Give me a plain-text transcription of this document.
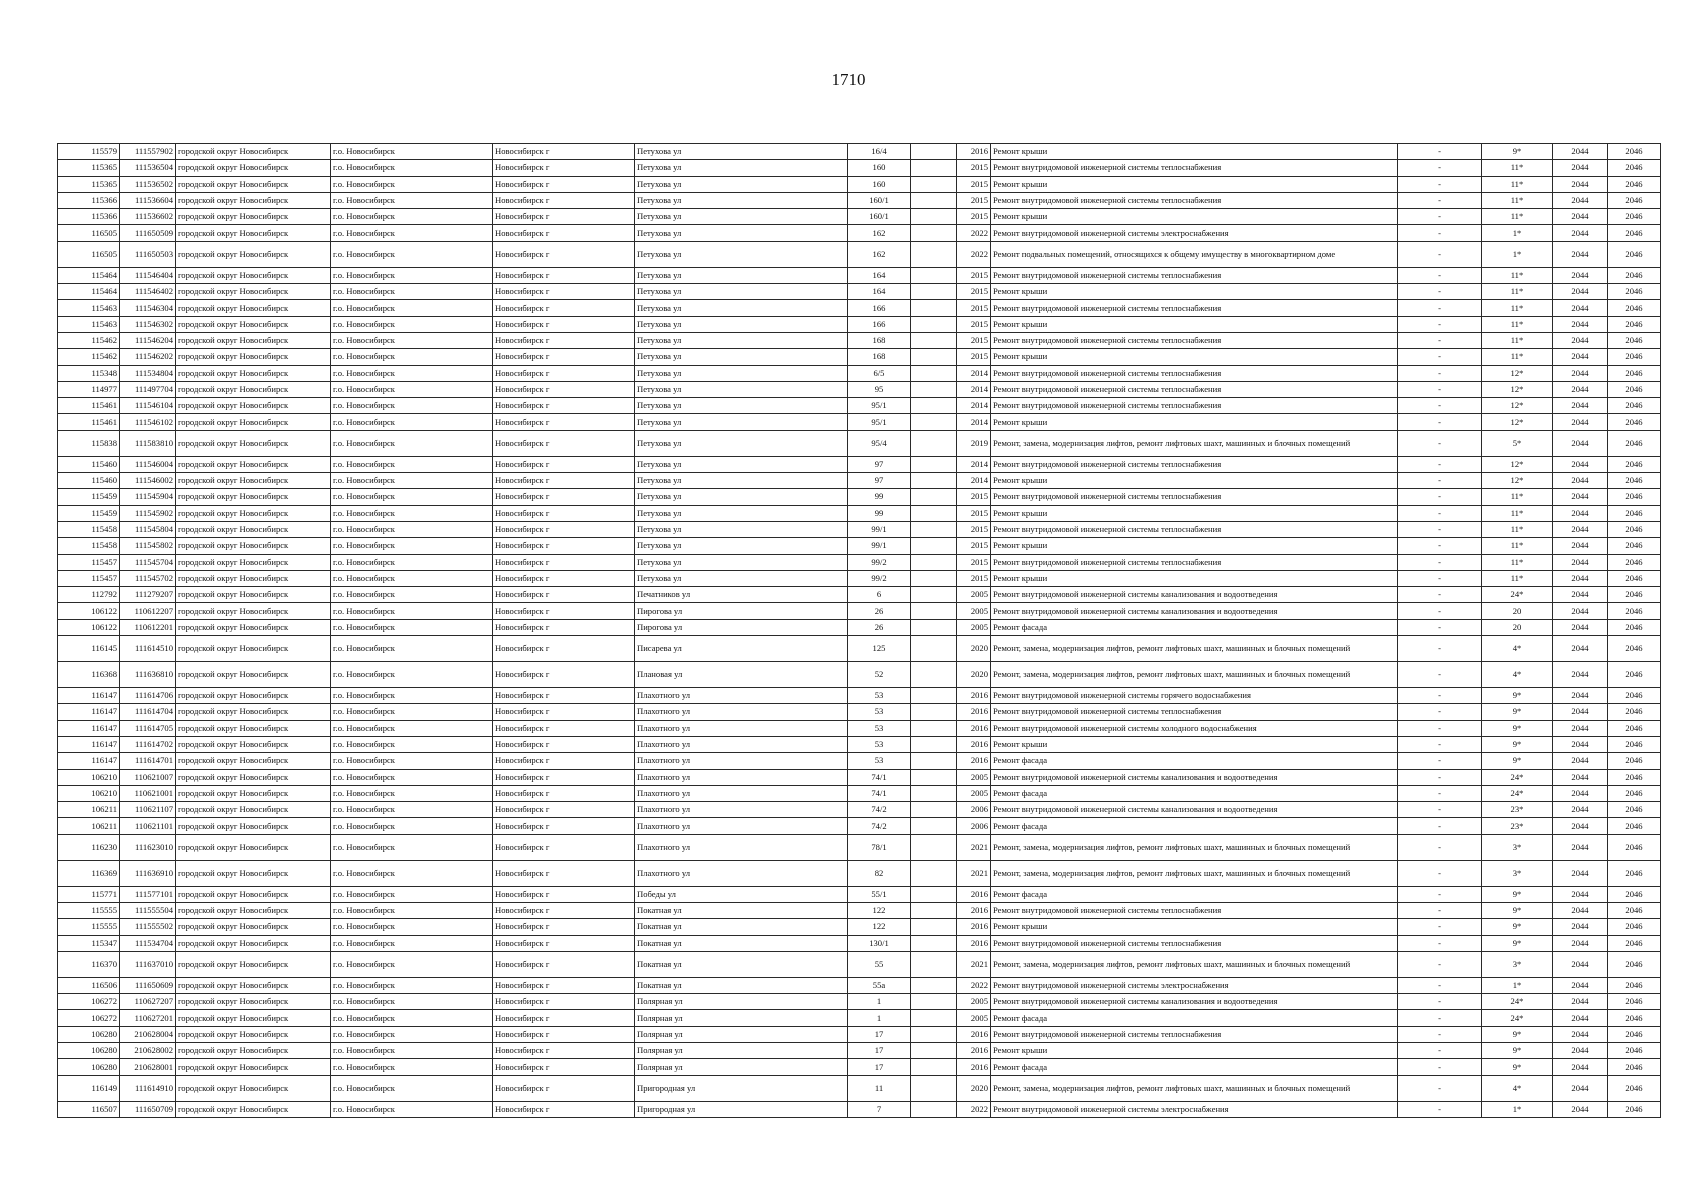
1710
115579	111557902	городской округ Новосибирск	г.о. Новосибирск	Новосибирск г	Петухова ул	16/4		2016	Ремонт крыши	-	9*	2044	2046
115365	111536504	городской округ Новосибирск	г.о. Новосибирск	Новосибирск г	Петухова ул	160		2015	Ремонт внутридомовой инженерной системы теплоснабжения	-	11*	2044	2046
115365	111536502	городской округ Новосибирск	г.о. Новосибирск	Новосибирск г	Петухова ул	160		2015	Ремонт крыши	-	11*	2044	2046
115366	111536604	городской округ Новосибирск	г.о. Новосибирск	Новосибирск г	Петухова ул	160/1		2015	Ремонт внутридомовой инженерной системы теплоснабжения	-	11*	2044	2046
115366	111536602	городской округ Новосибирск	г.о. Новосибирск	Новосибирск г	Петухова ул	160/1		2015	Ремонт крыши	-	11*	2044	2046
116505	111650509	городской округ Новосибирск	г.о. Новосибирск	Новосибирск г	Петухова ул	162		2022	Ремонт внутридомовой инженерной системы электроснабжения	-	1*	2044	2046
116505	111650503	городской округ Новосибирск	г.о. Новосибирск	Новосибирск г	Петухова ул	162		2022	Ремонт подвальных помещений, относящихся к общему имуществу в многоквартирном доме	-	1*	2044	2046
115464	111546404	городской округ Новосибирск	г.о. Новосибирск	Новосибирск г	Петухова ул	164		2015	Ремонт внутридомовой инженерной системы теплоснабжения	-	11*	2044	2046
115464	111546402	городской округ Новосибирск	г.о. Новосибирск	Новосибирск г	Петухова ул	164		2015	Ремонт крыши	-	11*	2044	2046
115463	111546304	городской округ Новосибирск	г.о. Новосибирск	Новосибирск г	Петухова ул	166		2015	Ремонт внутридомовой инженерной системы теплоснабжения	-	11*	2044	2046
115463	111546302	городской округ Новосибирск	г.о. Новосибирск	Новосибирск г	Петухова ул	166		2015	Ремонт крыши	-	11*	2044	2046
115462	111546204	городской округ Новосибирск	г.о. Новосибирск	Новосибирск г	Петухова ул	168		2015	Ремонт внутридомовой инженерной системы теплоснабжения	-	11*	2044	2046
115462	111546202	городской округ Новосибирск	г.о. Новосибирск	Новосибирск г	Петухова ул	168		2015	Ремонт крыши	-	11*	2044	2046
115348	111534804	городской округ Новосибирск	г.о. Новосибирск	Новосибирск г	Петухова ул	6/5		2014	Ремонт внутридомовой инженерной системы теплоснабжения	-	12*	2044	2046
114977	111497704	городской округ Новосибирск	г.о. Новосибирск	Новосибирск г	Петухова ул	95		2014	Ремонт внутридомовой инженерной системы теплоснабжения	-	12*	2044	2046
115461	111546104	городской округ Новосибирск	г.о. Новосибирск	Новосибирск г	Петухова ул	95/1		2014	Ремонт внутридомовой инженерной системы теплоснабжения	-	12*	2044	2046
115461	111546102	городской округ Новосибирск	г.о. Новосибирск	Новосибирск г	Петухова ул	95/1		2014	Ремонт крыши	-	12*	2044	2046
115838	111583810	городской округ Новосибирск	г.о. Новосибирск	Новосибирск г	Петухова ул	95/4		2019	Ремонт, замена, модернизация лифтов, ремонт лифтовых шахт, машинных и блочных помещений	-	5*	2044	2046
115460	111546004	городской округ Новосибирск	г.о. Новосибирск	Новосибирск г	Петухова ул	97		2014	Ремонт внутридомовой инженерной системы теплоснабжения	-	12*	2044	2046
115460	111546002	городской округ Новосибирск	г.о. Новосибирск	Новосибирск г	Петухова ул	97		2014	Ремонт крыши	-	12*	2044	2046
115459	111545904	городской округ Новосибирск	г.о. Новосибирск	Новосибирск г	Петухова ул	99		2015	Ремонт внутридомовой инженерной системы теплоснабжения	-	11*	2044	2046
115459	111545902	городской округ Новосибирск	г.о. Новосибирск	Новосибирск г	Петухова ул	99		2015	Ремонт крыши	-	11*	2044	2046
115458	111545804	городской округ Новосибирск	г.о. Новосибирск	Новосибирск г	Петухова ул	99/1		2015	Ремонт внутридомовой инженерной системы теплоснабжения	-	11*	2044	2046
115458	111545802	городской округ Новосибирск	г.о. Новосибирск	Новосибирск г	Петухова ул	99/1		2015	Ремонт крыши	-	11*	2044	2046
115457	111545704	городской округ Новосибирск	г.о. Новосибирск	Новосибирск г	Петухова ул	99/2		2015	Ремонт внутридомовой инженерной системы теплоснабжения	-	11*	2044	2046
115457	111545702	городской округ Новосибирск	г.о. Новосибирск	Новосибирск г	Петухова ул	99/2		2015	Ремонт крыши	-	11*	2044	2046
112792	111279207	городской округ Новосибирск	г.о. Новосибирск	Новосибирск г	Печатников ул	6		2005	Ремонт внутридомовой инженерной системы канализования и водоотведения	-	24*	2044	2046
106122	110612207	городской округ Новосибирск	г.о. Новосибирск	Новосибирск г	Пирогова ул	26		2005	Ремонт внутридомовой инженерной системы канализования и водоотведения	-	20	2044	2046
106122	110612201	городской округ Новосибирск	г.о. Новосибирск	Новосибирск г	Пирогова ул	26		2005	Ремонт фасада	-	20	2044	2046
116145	111614510	городской округ Новосибирск	г.о. Новосибирск	Новосибирск г	Писарева ул	125		2020	Ремонт, замена, модернизация лифтов, ремонт лифтовых шахт, машинных и блочных помещений	-	4*	2044	2046
116368	111636810	городской округ Новосибирск	г.о. Новосибирск	Новосибирск г	Плановая ул	52		2020	Ремонт, замена, модернизация лифтов, ремонт лифтовых шахт, машинных и блочных помещений	-	4*	2044	2046
116147	111614706	городской округ Новосибирск	г.о. Новосибирск	Новосибирск г	Плахотного ул	53		2016	Ремонт внутридомовой инженерной системы горячего водоснабжения	-	9*	2044	2046
116147	111614704	городской округ Новосибирск	г.о. Новосибирск	Новосибирск г	Плахотного ул	53		2016	Ремонт внутридомовой инженерной системы теплоснабжения	-	9*	2044	2046
116147	111614705	городской округ Новосибирск	г.о. Новосибирск	Новосибирск г	Плахотного ул	53		2016	Ремонт внутридомовой инженерной системы холодного водоснабжения	-	9*	2044	2046
116147	111614702	городской округ Новосибирск	г.о. Новосибирск	Новосибирск г	Плахотного ул	53		2016	Ремонт крыши	-	9*	2044	2046
116147	111614701	городской округ Новосибирск	г.о. Новосибирск	Новосибирск г	Плахотного ул	53		2016	Ремонт фасада	-	9*	2044	2046
106210	110621007	городской округ Новосибирск	г.о. Новосибирск	Новосибирск г	Плахотного ул	74/1		2005	Ремонт внутридомовой инженерной системы канализования и водоотведения	-	24*	2044	2046
106210	110621001	городской округ Новосибирск	г.о. Новосибирск	Новосибирск г	Плахотного ул	74/1		2005	Ремонт фасада	-	24*	2044	2046
106211	110621107	городской округ Новосибирск	г.о. Новосибирск	Новосибирск г	Плахотного ул	74/2		2006	Ремонт внутридомовой инженерной системы канализования и водоотведения	-	23*	2044	2046
106211	110621101	городской округ Новосибирск	г.о. Новосибирск	Новосибирск г	Плахотного ул	74/2		2006	Ремонт фасада	-	23*	2044	2046
116230	111623010	городской округ Новосибирск	г.о. Новосибирск	Новосибирск г	Плахотного ул	78/1		2021	Ремонт, замена, модернизация лифтов, ремонт лифтовых шахт, машинных и блочных помещений	-	3*	2044	2046
116369	111636910	городской округ Новосибирск	г.о. Новосибирск	Новосибирск г	Плахотного ул	82		2021	Ремонт, замена, модернизация лифтов, ремонт лифтовых шахт, машинных и блочных помещений	-	3*	2044	2046
115771	111577101	городской округ Новосибирск	г.о. Новосибирск	Новосибирск г	Победы ул	55/1		2016	Ремонт фасада	-	9*	2044	2046
115555	111555504	городской округ Новосибирск	г.о. Новосибирск	Новосибирск г	Покатная ул	122		2016	Ремонт внутридомовой инженерной системы теплоснабжения	-	9*	2044	2046
115555	111555502	городской округ Новосибирск	г.о. Новосибирск	Новосибирск г	Покатная ул	122		2016	Ремонт крыши	-	9*	2044	2046
115347	111534704	городской округ Новосибирск	г.о. Новосибирск	Новосибирск г	Покатная ул	130/1		2016	Ремонт внутридомовой инженерной системы теплоснабжения	-	9*	2044	2046
116370	111637010	городской округ Новосибирск	г.о. Новосибирск	Новосибирск г	Покатная ул	55		2021	Ремонт, замена, модернизация лифтов, ремонт лифтовых шахт, машинных и блочных помещений	-	3*	2044	2046
116506	111650609	городской округ Новосибирск	г.о. Новосибирск	Новосибирск г	Покатная ул	55а		2022	Ремонт внутридомовой инженерной системы электроснабжения	-	1*	2044	2046
106272	110627207	городской округ Новосибирск	г.о. Новосибирск	Новосибирск г	Полярная ул	1		2005	Ремонт внутридомовой инженерной системы канализования и водоотведения	-	24*	2044	2046
106272	110627201	городской округ Новосибирск	г.о. Новосибирск	Новосибирск г	Полярная ул	1		2005	Ремонт фасада	-	24*	2044	2046
106280	210628004	городской округ Новосибирск	г.о. Новосибирск	Новосибирск г	Полярная ул	17		2016	Ремонт внутридомовой инженерной системы теплоснабжения	-	9*	2044	2046
106280	210628002	городской округ Новосибирск	г.о. Новосибирск	Новосибирск г	Полярная ул	17		2016	Ремонт крыши	-	9*	2044	2046
106280	210628001	городской округ Новосибирск	г.о. Новосибирск	Новосибирск г	Полярная ул	17		2016	Ремонт фасада	-	9*	2044	2046
116149	111614910	городской округ Новосибирск	г.о. Новосибирск	Новосибирск г	Пригородная ул	11		2020	Ремонт, замена, модернизация лифтов, ремонт лифтовых шахт, машинных и блочных помещений	-	4*	2044	2046
116507	111650709	городской округ Новосибирск	г.о. Новосибирск	Новосибирск г	Пригородная ул	7		2022	Ремонт внутридомовой инженерной системы электроснабжения	-	1*	2044	2046
